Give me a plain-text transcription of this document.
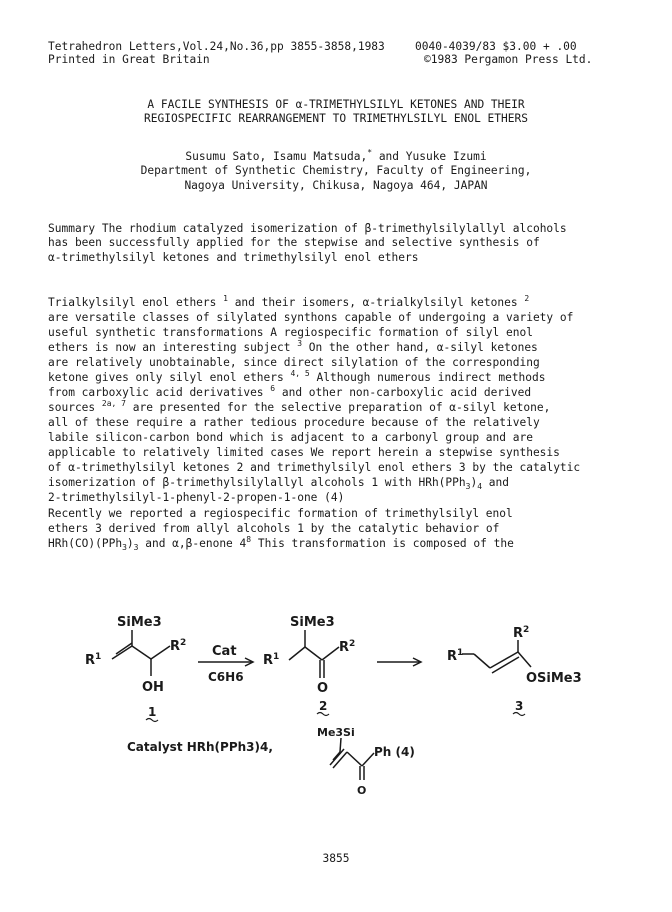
Tetrahedron Letters,Vol.24,No.36,pp 3855-3858,1983	0040-4039/83 $3.00 + .00
Printed in Great Britain	©1983 Pergamon Press Ltd.
A FACILE SYNTHESIS OF α-TRIMETHYLSILYL KETONES AND THEIR
REGIOSPECIFIC REARRANGEMENT TO TRIMETHYLSILYL ENOL ETHERS
Susumu Sato, Isamu Matsuda,* and Yusuke Izumi
Department of Synthetic Chemistry, Faculty of Engineering,
Nagoya University, Chikusa, Nagoya 464, JAPAN
Summary The rhodium catalyzed isomerization of β-trimethylsilylallyl alcohols
has been successfully applied for the stepwise and selective synthesis of
α-trimethylsilyl ketones and trimethylsilyl enol ethers
Trialkylsilyl enol ethers $^1$ and their isomers, α-trialkylsilyl ketones $^2$
are versatile classes of silylated synthons capable of undergoing a variety of
useful synthetic transformations A regiospecific formation of silyl enol
ethers is now an interesting subject $^3$ On the other hand, α-silyl ketones
are relatively unobtainable, since direct silylation of the corresponding
ketone gives only silyl enol ethers $^{4, 5}$ Although numerous indirect methods
from carboxylic acid derivatives $^6$ and other non-carboxylic acid derived
sources $^{2a, 7}$ are presented for the selective preparation of α-silyl ketone,
all of these require a rather tedious procedure because of the relatively
labile silicon-carbon bond which is adjacent to a carbonyl group and are
applicable to relatively limited cases We report herein a stepwise synthesis
of α-trimethylsilyl ketones 2 and trimethylsilyl enol ethers 3 by the catalytic
isomerization of β-trimethylsilylallyl alcohols 1 with $HRh(PPh_3)_4$ and
2-trimethylsilyl-1-phenyl-2-propen-1-one (4)
Recently we reported a regiospecific formation of trimethylsilyl enol
ethers 3 derived from allyl alcohols 1 by the catalytic behavior of
$HRh(CO)(PPh_3)_3$ and α,β-enone $4^8$ This transformation is composed of the
SiMe3
$R^1$
$R^2$
OH
1
Cat
C6H6
SiMe3
$R^1$
$R^2$
O
2
$R^1$
$R^2$
OSiMe3
3
Catalyst HRh(PPh3)4,
Me3Si
Ph (4)
O
3855
